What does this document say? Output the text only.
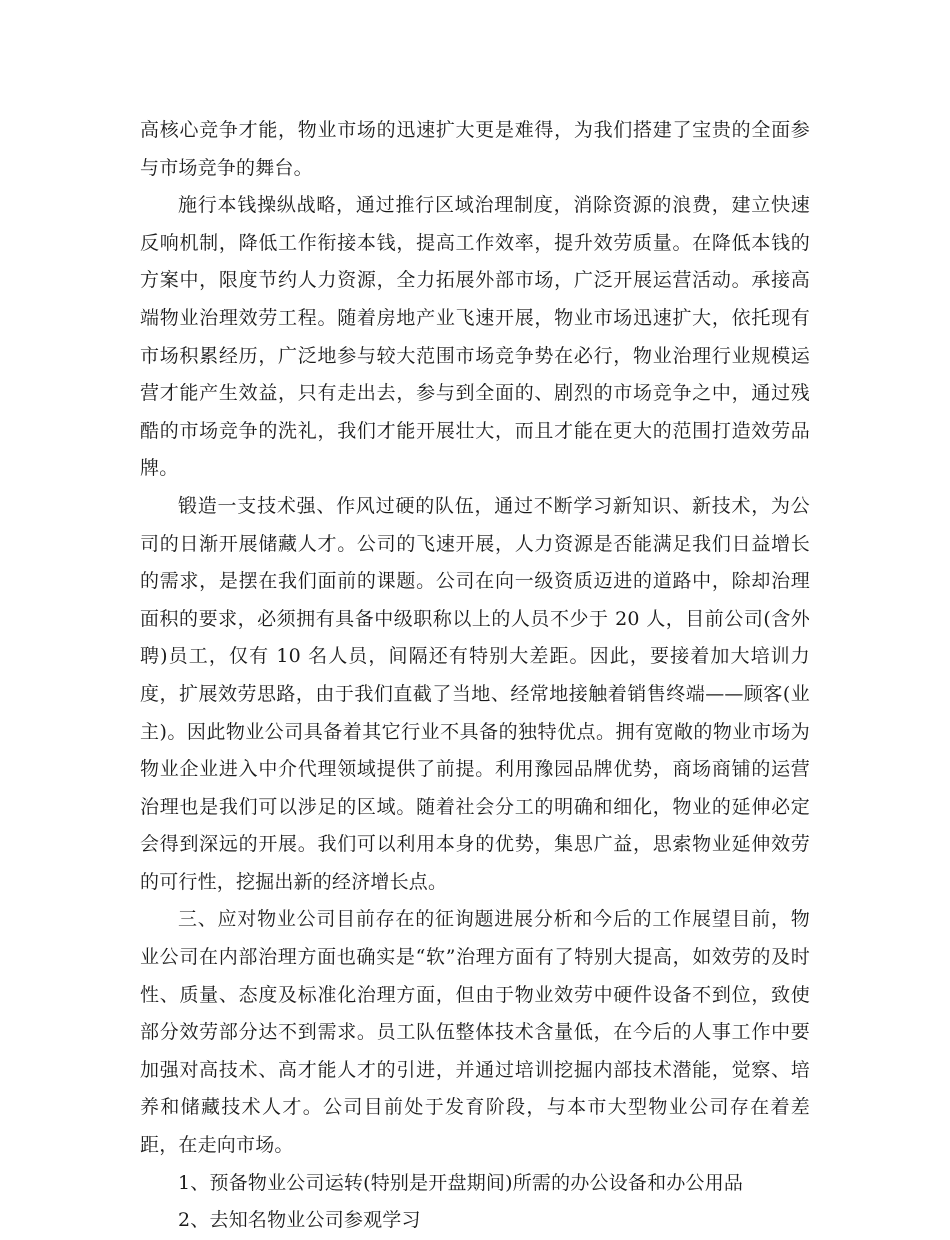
高核心竞争才能，物业市场的迅速扩大更是难得，为我们搭建了宝贵的全面参与市场竞争的舞台。

施行本钱操纵战略，通过推行区域治理制度，消除资源的浪费，建立快速反响机制，降低工作衔接本钱，提高工作效率，提升效劳质量。在降低本钱的方案中，限度节约人力资源，全力拓展外部市场，广泛开展运营活动。承接高端物业治理效劳工程。随着房地产业飞速开展，物业市场迅速扩大，依托现有市场积累经历，广泛地参与较大范围市场竞争势在必行，物业治理行业规模运营才能产生效益，只有走出去，参与到全面的、剧烈的市场竞争之中，通过残酷的市场竞争的洗礼，我们才能开展壮大，而且才能在更大的范围打造效劳品牌。

锻造一支技术强、作风过硬的队伍，通过不断学习新知识、新技术，为公司的日渐开展储藏人才。公司的飞速开展，人力资源是否能满足我们日益增长的需求，是摆在我们面前的课题。公司在向一级资质迈进的道路中，除却治理面积的要求，必须拥有具备中级职称以上的人员不少于 20 人，目前公司(含外聘)员工，仅有 10 名人员，间隔还有特别大差距。因此，要接着加大培训力度，扩展效劳思路，由于我们直截了当地、经常地接触着销售终端——顾客(业主)。因此物业公司具备着其它行业不具备的独特优点。拥有宽敞的物业市场为物业企业进入中介代理领域提供了前提。利用豫园品牌优势，商场商铺的运营治理也是我们可以涉足的区域。随着社会分工的明确和细化，物业的延伸必定会得到深远的开展。我们可以利用本身的优势，集思广益，思索物业延伸效劳的可行性，挖掘出新的经济增长点。

三、应对物业公司目前存在的征询题进展分析和今后的工作展望目前，物业公司在内部治理方面也确实是“软”治理方面有了特别大提高，如效劳的及时性、质量、态度及标准化治理方面，但由于物业效劳中硬件设备不到位，致使部分效劳部分达不到需求。员工队伍整体技术含量低，在今后的人事工作中要加强对高技术、高才能人才的引进，并通过培训挖掘内部技术潜能，觉察、培养和储藏技术人才。公司目前处于发育阶段，与本市大型物业公司存在着差距，在走向市场。

1、预备物业公司运转(特别是开盘期间)所需的办公设备和办公用品

2、去知名物业公司参观学习
